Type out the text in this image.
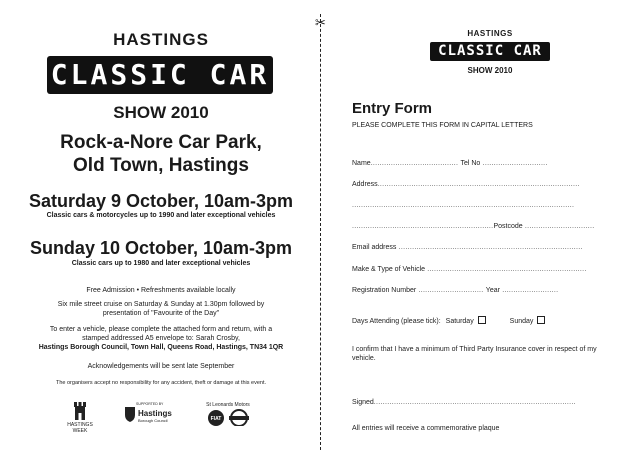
HASTINGS
CLASSIC CAR
SHOW 2010
Rock-a-Nore Car Park,
Old Town, Hastings
Saturday 9 October, 10am-3pm
Classic cars & motorcycles up to 1990 and later exceptional vehicles
Sunday 10 October, 10am-3pm
Classic cars up to 1980 and later exceptional vehicles
Free Admission • Refreshments available locally
Six mile street cruise on Saturday & Sunday at 1.30pm followed by
presentation of "Favourite of the Day"
To enter a vehicle, please complete the attached form and return, with a
stamped addressed A5 envelope to: Sarah Crosby,
Hastings Borough Council, Town Hall, Queens Road, Hastings, TN34 1QR
Acknowledgements will be sent late September
The organisers accept no responsibility for any accident, theft or damage at this event.
HASTINGS WEEK
SUPPORTED BY
Hastings
Borough Council
St Leonards Motors
FIAT
✂
HASTINGS
CLASSIC CAR
SHOW 2010
Entry Form
PLEASE COMPLETE THIS FORM IN CAPITAL LETTERS
Name....................................... Tel No .............................
Address..........................................................................................
...................................................................................................
...............................................................Postcode ...............................
Email address ..................................................................................
Make & Type of Vehicle .......................................................................
Registration Number ............................. Year .........................
Days Attending (please tick): Saturday	Sunday
I confirm that I have a minimum of Third Party Insurance cover in respect of my vehicle.
Signed..........................................................................................
All entries will receive a commemorative plaque
